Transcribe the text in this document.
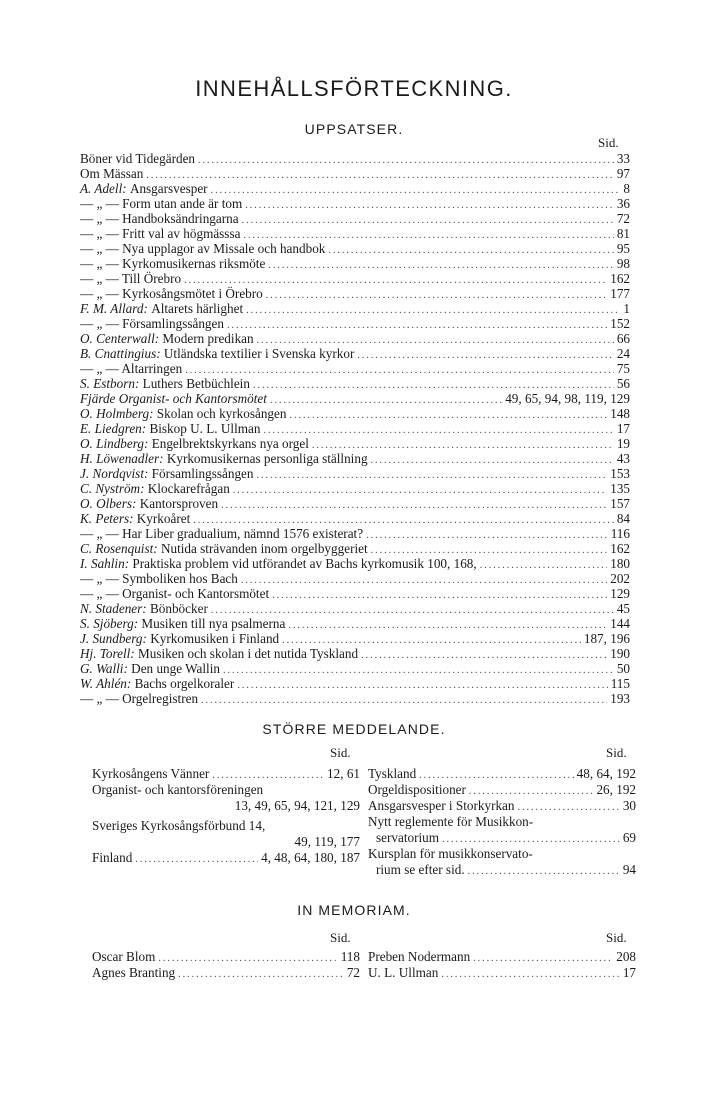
INNEHÅLLSFÖRTECKNING.
UPPSATSER.
Sid.
Böner vid Tidegärden .....	33
Om Mässan .....	97
A. Adell:
Ansgarsvesper .....	8
— „ — Form utan ande är tom .....	36
— „ — Handboksändringarna .....	72
— „ — Fritt val av högmässsa .....	81
— „ — Nya upplagor av Missale och handbok .....	95
— „ — Kyrkomusikernas riksmöte .....	98
— „ — Till Örebro .....	162
— „ — Kyrkosångsmötet i Örebro .....	177
F. M. Allard:
Altarets härlighet .....	1
— „ — Församlingssången .....	152
O. Centerwall:
Modern predikan .....	66
B. Cnattingius:
Utländska textilier i Svenska kyrkor .....	24
— „ — Altarringen .....	75
S. Estborn:
Luthers Betbüchlein .....	56
Fjärde Organist- och Kantorsmötet .....	49, 65, 94, 98, 119, 129
O. Holmberg:
Skolan och kyrkosången .....	148
E. Liedgren:
Biskop U. L. Ullman .....	17
O. Lindberg:
Engelbrektskyrkans nya orgel .....	19
H. Löwenadler:
Kyrkomusikernas personliga ställning .....	43
J. Nordqvist:
Församlingssången .....	153
C. Nyström:
Klockarefrågan .....	135
O. Olbers:
Kantorsproven .....	157
K. Peters:
Kyrkoåret .....	84
— „ — Har Liber gradualium, nämnd 1576 existerat? .....	116
C. Rosenquist:
Nutida strävanden inom orgelbyggeriet .....	162
I. Sahlin:
Praktiska problem vid utförandet av Bachs kyrkomusik 100, 168, .....	180
— „ — Symboliken hos Bach .....	202
— „ — Organist- och Kantorsmötet .....	129
N. Stadener:
Bönböcker .....	45
S. Sjöberg:
Musiken till nya psalmerna .....	144
J. Sundberg:
Kyrkomusiken i Finland .....	187, 196
Hj. Torell:
Musiken och skolan i det nutida Tyskland .....	190
G. Walli:
Den unge Wallin .....	50
W. Ahlén:
Bachs orgelkoraler .....	115
— „ — Orgelregistren .....	193
STÖRRE MEDDELANDE.
Sid.	Sid.
Kyrkosångens Vänner .....	12, 61
Organist- och kantorsföreningen
13, 49, 65, 94, 121, 129
Sveriges Kyrkosångsförbund 14,
49, 119, 177
Finland .....	4, 48, 64, 180, 187
Tyskland .....	48, 64, 192
Orgeldispositioner .....	26, 192
Ansgarsvesper i Storkyrkan .....	30
Nytt reglemente för Musikkon-
servatorium .....	69
Kursplan för musikkonservato-
rium se efter sid. .....	94
IN MEMORIAM.
Sid.	Sid.
Oscar Blom .....	118
Agnes Branting .....	72
Preben Nodermann .....	208
U. L. Ullman .....	17
